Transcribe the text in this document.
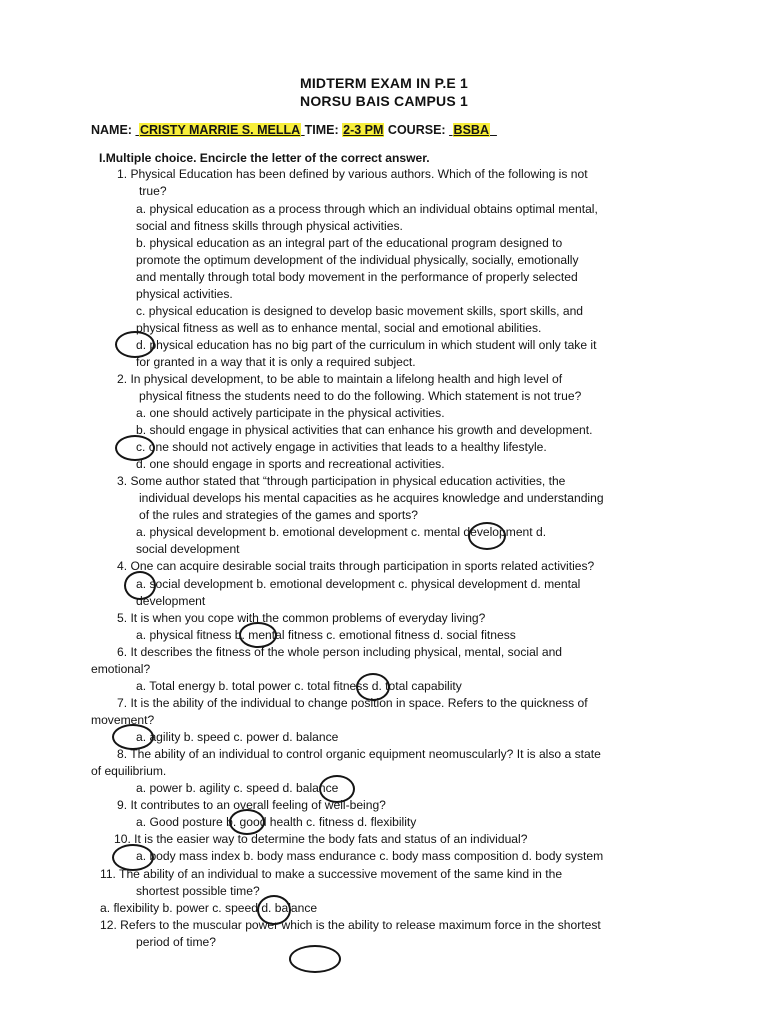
MIDTERM EXAM IN P.E 1
NORSU BAIS CAMPUS 1
NAME: CRISTY MARRIE S. MELLA TIME: 2-3 PM COURSE: BSBA
I.Multiple choice. Encircle the letter of the correct answer.
1. Physical Education has been defined by various authors. Which of the following is not
true?
a. physical education as a process through which an individual obtains optimal mental,
social and fitness skills through physical activities.
b. physical education as an integral part of the educational program designed to
promote the optimum development of the individual physically, socially, emotionally
and mentally through total body movement in the performance of properly selected
physical activities.
c. physical education is designed to develop basic movement skills, sport skills, and
physical fitness as well as to enhance mental, social and emotional abilities.
d. physical education has no big part of the curriculum in which student will only take it
for granted in a way that it is only a required subject.
2. In physical development, to be able to maintain a lifelong health and high level of
physical fitness the students need to do the following. Which statement is not true?
a. one should actively participate in the physical activities.
b. should engage in physical activities that can enhance his growth and development.
c. one should not actively engage in activities that leads to a healthy lifestyle.
d. one should engage in sports and recreational activities.
3. Some author stated that “through participation in physical education activities, the
individual develops his mental capacities as he acquires knowledge and understanding
of the rules and strategies of the games and sports?
a. physical development b. emotional development c. mental development d.
social development
4. One can acquire desirable social traits through participation in sports related activities?
a. social development b. emotional development c. physical development d. mental
development
5. It is when you cope with the common problems of everyday living?
a. physical fitness b. mental fitness c. emotional fitness d. social fitness
6. It describes the fitness of the whole person including physical, mental, social and
emotional?
a. Total energy b. total power c. total fitness d. total capability
7. It is the ability of the individual to change position in space. Refers to the quickness of
movement?
a. agility b. speed c. power d. balance
8. The ability of an individual to control organic equipment neomuscularly? It is also a state
of equilibrium.
a. power b. agility c. speed d. balance
9. It contributes to an overall feeling of well-being?
a. Good posture b. good health c. fitness d. flexibility
10. It is the easier way to determine the body fats and status of an individual?
a. body mass index b. body mass endurance c. body mass composition d. body system
11. The ability of an individual to make a successive movement of the same kind in the
shortest possible time?
a. flexibility b. power c. speed d. balance
12. Refers to the muscular power which is the ability to release maximum force in the shortest
period of time?
